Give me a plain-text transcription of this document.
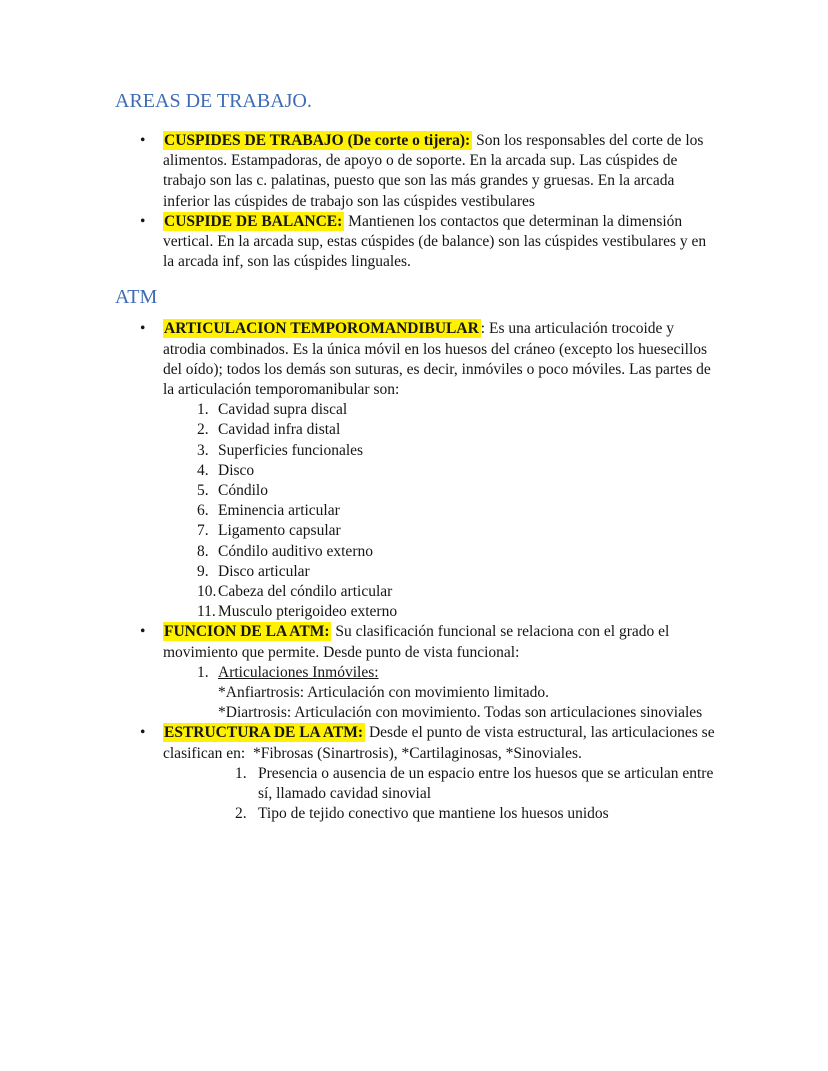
AREAS DE TRABAJO.
•
CUSPIDES DE TRABAJO (De corte o tijera): Son los responsables del corte de los alimentos. Estampadoras, de apoyo o de soporte. En la arcada sup. Las cúspides de trabajo son las c. palatinas, puesto que son las más grandes y gruesas. En la arcada inferior las cúspides de trabajo son las cúspides vestibulares
•
CUSPIDE DE BALANCE: Mantienen los contactos que determinan la dimensión vertical. En la arcada sup, estas cúspides (de balance) son las cúspides vestibulares y en la arcada inf, son las cúspides linguales.
ATM
•
ARTICULACION TEMPOROMANDIBULAR : Es una articulación trocoide y atrodia combinados. Es la única móvil en los huesos del cráneo (excepto los huesecillos del oído); todos los demás son suturas, es decir, inmóviles o poco móviles. Las partes de la articulación temporomanibular son:
1. Cavidad supra discal
2. Cavidad infra distal
3. Superficies funcionales
4. Disco
5. Cóndilo
6. Eminencia articular
7. Ligamento capsular
8. Cóndilo auditivo externo
9. Disco articular
10. Cabeza del cóndilo articular
11. Musculo pterigoideo externo
•
FUNCION DE LA ATM: Su clasificación funcional se relaciona con el grado el movimiento que permite. Desde punto de vista funcional:
1. Articulaciones Inmóviles:
*Anfiartrosis: Articulación con movimiento limitado.
*Diartrosis: Articulación con movimiento. Todas son articulaciones sinoviales
•
ESTRUCTURA DE LA ATM: Desde el punto de vista estructural, las articulaciones se clasifican en:  *Fibrosas (Sinartrosis), *Cartilaginosas, *Sinoviales.
1. Presencia o ausencia de un espacio entre los huesos que se articulan entre sí, llamado cavidad sinovial
2. Tipo de tejido conectivo que mantiene los huesos unidos
